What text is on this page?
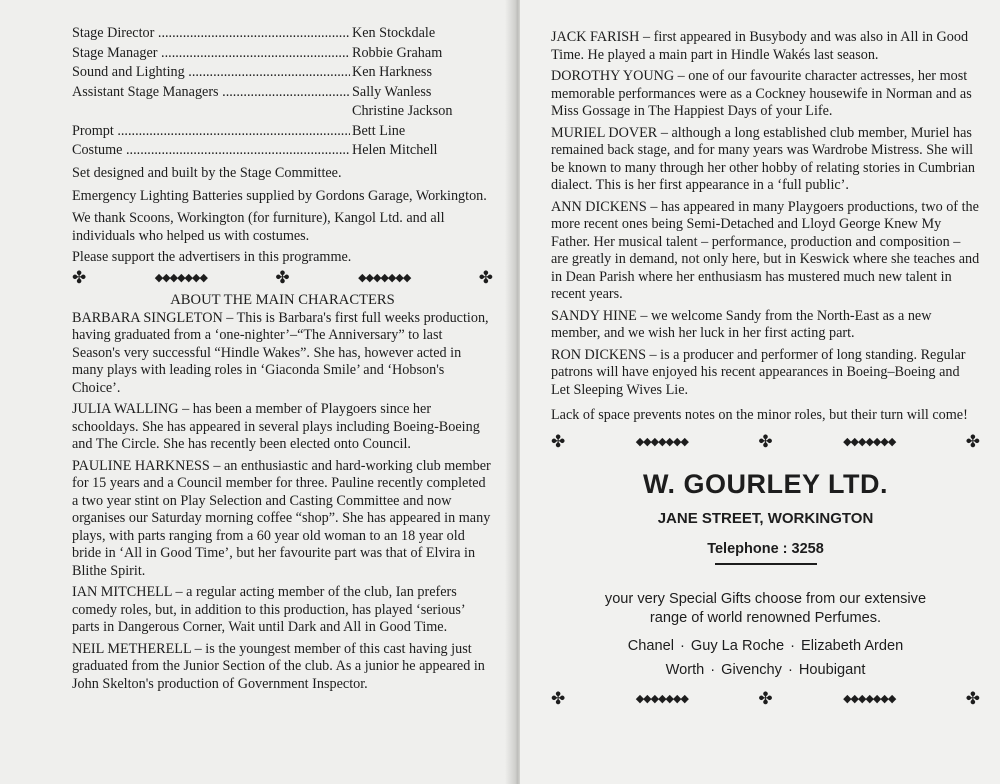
Stage Director .....	Ken Stockdale
Stage Manager .....	Robbie Graham
Sound and Lighting .....	Ken Harkness
Assistant Stage Managers .....	Sally Wanless
Christine Jackson
Prompt .....	Bett Line
Costume .....	Helen Mitchell

Set designed and built by the Stage Committee.

Emergency Lighting Batteries supplied by Gordons Garage, Workington.

We thank Scoons, Workington (for furniture), Kangol Ltd. and all individuals who helped us with costumes.

Please support the advertisers in this programme.

✤	◆◆◆◆◆◆◆	✤	◆◆◆◆◆◆◆	✤
ABOUT THE MAIN CHARACTERS

BARBARA SINGLETON – This is Barbara's first full weeks production, having graduated from a ‘one-nighter’–“The Anniversary” to last Season's very successful “Hindle Wakes”. She has, however acted in many plays with leading roles in ‘Giaconda Smile’ and ‘Hobson's Choice’.

JULIA WALLING – has been a member of Playgoers since her schooldays. She has appeared in several plays including Boeing-Boeing and The Circle. She has recently been elected onto Council.

PAULINE HARKNESS – an enthusiastic and hard-working club member for 15 years and a Council member for three. Pauline recently completed a two year stint on Play Selection and Casting Committee and now organises our Saturday morning coffee “shop”. She has appeared in many plays, with parts ranging from a 60 year old woman to an 18 year old bride in ‘All in Good Time’, but her favourite part was that of Elvira in Blithe Spirit.

IAN MITCHELL – a regular acting member of the club, Ian prefers comedy roles, but, in addition to this production, has played ‘serious’ parts in Dangerous Corner, Wait until Dark and All in Good Time.

NEIL METHERELL – is the youngest member of this cast having just graduated from the Junior Section of the club. As a junior he appeared in John Skelton's production of Government Inspector.

JACK FARISH – first appeared in Busybody and was also in All in Good Time. He played a main part in Hindle Wakés last season.

DOROTHY YOUNG – one of our favourite character actresses, her most memorable performances were as a Cockney housewife in Norman and as Miss Gossage in The Happiest Days of your Life.

MURIEL DOVER – although a long established club member, Muriel has remained back stage, and for many years was Wardrobe Mistress. She will be known to many through her other hobby of relating stories in Cumbrian dialect. This is her first appearance in a ‘full public’.

ANN DICKENS – has appeared in many Playgoers productions, two of the more recent ones being Semi-Detached and Lloyd George Knew My Father. Her musical talent – performance, production and composition – are greatly in demand, not only here, but in Keswick where she teaches and in Dean Parish where her enthusiasm has mustered much new talent in recent years.

SANDY HINE – we welcome Sandy from the North-East as a new member, and we wish her luck in her first acting part.

RON DICKENS – is a producer and performer of long standing. Regular patrons will have enjoyed his recent appearances in Boeing–Boeing and Let Sleeping Wives Lie.

Lack of space prevents notes on the minor roles, but their turn will come!

✤	◆◆◆◆◆◆◆	✤	◆◆◆◆◆◆◆	✤
W. GOURLEY LTD.
JANE STREET, WORKINGTON
Telephone : 3258
your very Special Gifts choose from our extensive
range of world renowned Perfumes.
Chanel · Guy La Roche · Elizabeth Arden
Worth · Givenchy · Houbigant
✤	◆◆◆◆◆◆◆	✤	◆◆◆◆◆◆◆	✤
